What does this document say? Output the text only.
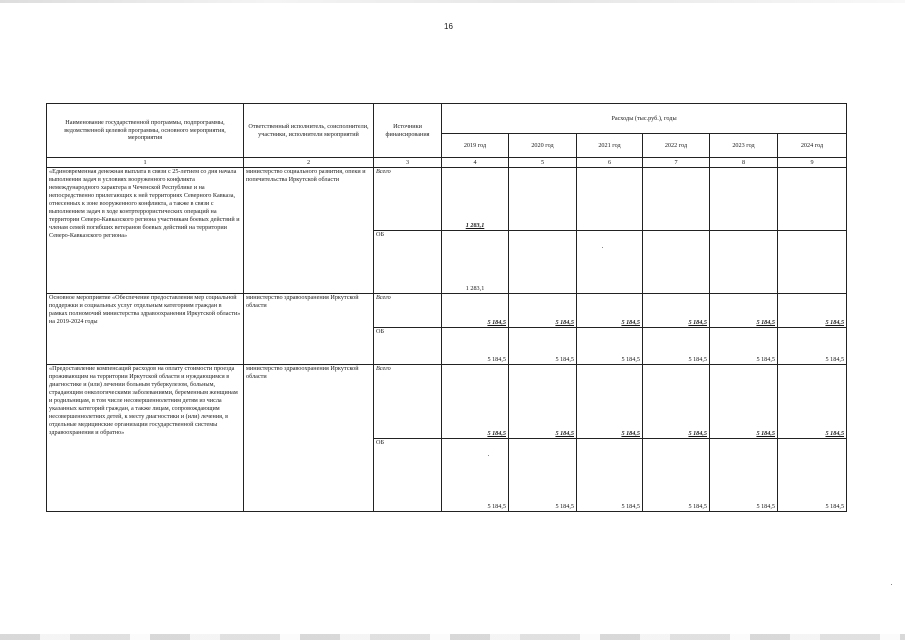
16
Наименование государственной программы, подпрограммы, ведомственной целевой программы, основного мероприятия, мероприятия	Ответственный исполнитель, соисполнители, участники, исполнители мероприятий	Источники финансирования	Расходы (тыс.руб.), годы					
			2019 год	2020 год	2021 год	2022 год	2023 год	2024 год
1	2	3	4	5	6	7	8	9
«Единовременная денежная выплата в связи с 25-летием со дня начала выполнения задач в условиях вооруженного конфликта немеждународного характера в Чеченской Республике и на непосредственно прилегающих к ней территориях Северного Кавказа, отнесенных к зоне вооруженного конфликта, а также в связи с выполнением задач в ходе контртеррористических операций на территории Северо-Кавказского региона участникам боевых действий и членам семей погибших ветеранов боевых действий на территории Северо-Кавказского региона»	министерство социального развития, опеки и попечительства Иркутской области	Всего	1 283,1					
		ОБ	1 283,1					
Основное мероприятие «Обеспечение предоставления мер социальной поддержки и социальных услуг отдельным категориям граждан в рамках полномочий министерства здравоохранения Иркутской области» на 2019-2024 годы	министерство здравоохранения Иркутской области	Всего	5 184,5	5 184,5	5 184,5	5 184,5	5 184,5	5 184,5
		ОБ	5 184,5	5 184,5	5 184,5	5 184,5	5 184,5	5 184,5
«Предоставление компенсаций расходов на оплату стоимости проезда проживающим на территории Иркутской области и нуждающимся в диагностике и (или) лечении больным туберкулезом, больным, страдающим онкологическими заболеваниями, беременным женщинам и родильницам, в том числе несовершеннолетним детям из числа указанных категорий граждан, а также лицам, сопровождающим несовершеннолетних детей, к месту диагностики и (или) лечения, в отдельные медицинские организации государственной системы здравоохранения и обратно»	министерство здравоохранения Иркутской области	Всего	5 184,5	5 184,5	5 184,5	5 184,5	5 184,5	5 184,5
		ОБ	5 184,5	5 184,5	5 184,5	5 184,5	5 184,5	5 184,5
